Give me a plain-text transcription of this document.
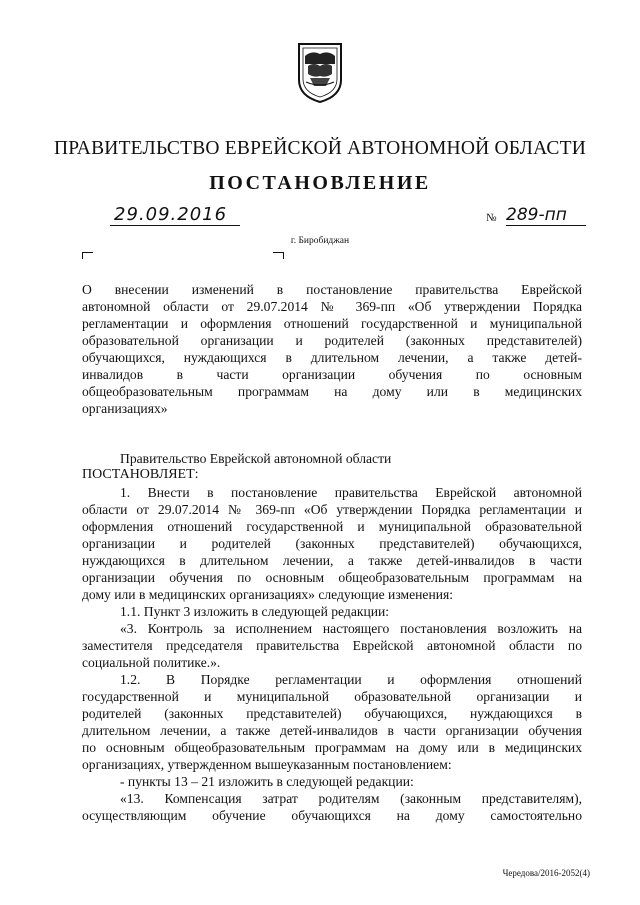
ПРАВИТЕЛЬСТВО ЕВРЕЙСКОЙ АВТОНОМНОЙ ОБЛАСТИ
ПОСТАНОВЛЕНИЕ
29.09.2016	№ 289-пп
г. Биробиджан
О внесении изменений в постановление правительства Еврейской
автономной области от 29.07.2014 № 369-пп «Об утверждении Порядка
регламентации и оформления отношений государственной и муниципальной
образовательной организации и родителей (законных представителей)
обучающихся, нуждающихся в длительном лечении, а также детей-
инвалидов в части организации обучения по основным
общеобразовательным программам на дому или в медицинских
организациях»
Правительство Еврейской автономной области
ПОСТАНОВЛЯЕТ:
1. Внести в постановление правительства Еврейской автономной
области от 29.07.2014 № 369-пп «Об утверждении Порядка регламентации и
оформления отношений государственной и муниципальной образовательной
организации и родителей (законных представителей) обучающихся,
нуждающихся в длительном лечении, а также детей-инвалидов в части
организации обучения по основным общеобразовательным программам на
дому или в медицинских организациях» следующие изменения:
1.1. Пункт 3 изложить в следующей редакции:
«3. Контроль за исполнением настоящего постановления возложить на
заместителя председателя правительства Еврейской автономной области по
социальной политике.».
1.2. В Порядке регламентации и оформления отношений
государственной и муниципальной образовательной организации и
родителей (законных представителей) обучающихся, нуждающихся в
длительном лечении, а также детей-инвалидов в части организации обучения
по основным общеобразовательным программам на дому или в медицинских
организациях, утвержденном вышеуказанным постановлением:
- пункты 13 – 21 изложить в следующей редакции:
«13. Компенсация затрат родителям (законным представителям),
осуществляющим обучение обучающихся на дому самостоятельно
Чередова/2016-2052(4)
